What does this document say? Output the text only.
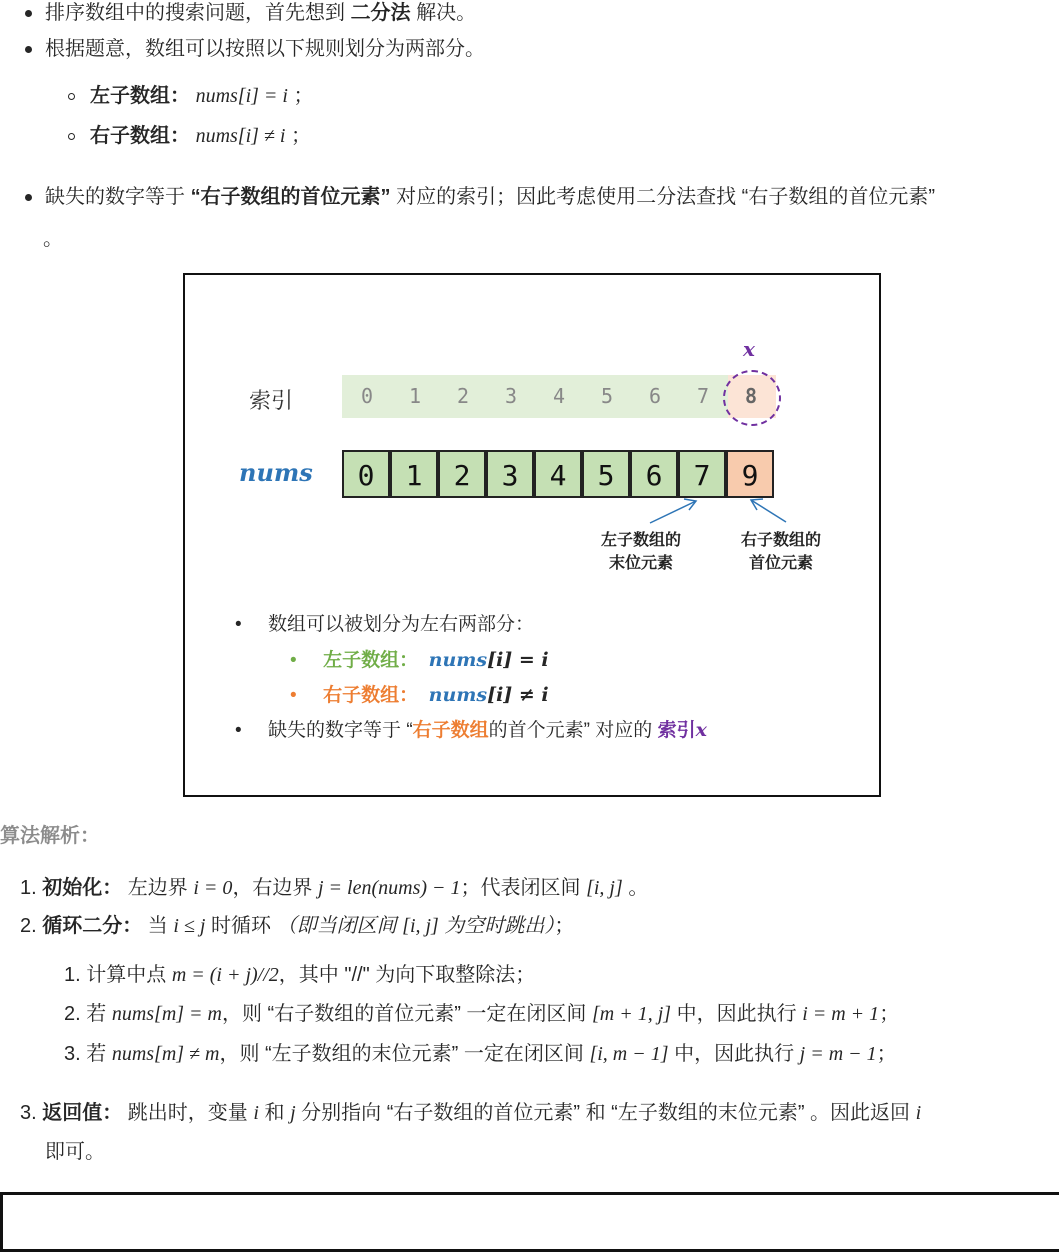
排序数组中的搜索问题，首先想到 二分法 解决。
根据题意，数组可以按照以下规则划分为两部分。
左子数组： nums[i] = i ；
右子数组： nums[i] ≠ i ；
缺失的数字等于 “右子数组的首位元素” 对应的索引；因此考虑使用二分法查找 “右子数组的首位元素”
。
x
索引	0	1	2	3	4	5	6	7	8
nums	0	1	2	3	4	5	6	7	9
左子数组的
末位元素
右子数组的
首位元素
•     数组可以被划分为左右两部分：
• 左子数组： nums[i] = i
• 右子数组： nums[i] ≠ i
•     缺失的数字等于 “右子数组的首个元素” 对应的 索引x
算法解析：
1. 初始化： 左边界 i = 0，右边界 j = len(nums) − 1；代表闭区间 [i, j] 。
2. 循环二分： 当 i ≤ j 时循环 （即当闭区间 [i, j] 为空时跳出）；
1. 计算中点 m = (i + j)//2，其中 "//" 为向下取整除法；
2. 若 nums[m] = m，则 “右子数组的首位元素” 一定在闭区间 [m + 1, j] 中，因此执行 i = m + 1；
3. 若 nums[m] ≠ m，则 “左子数组的末位元素” 一定在闭区间 [i, m − 1] 中，因此执行 j = m − 1；
3. 返回值： 跳出时，变量 i 和 j 分别指向 “右子数组的首位元素” 和 “左子数组的末位元素” 。因此返回 i
即可。
